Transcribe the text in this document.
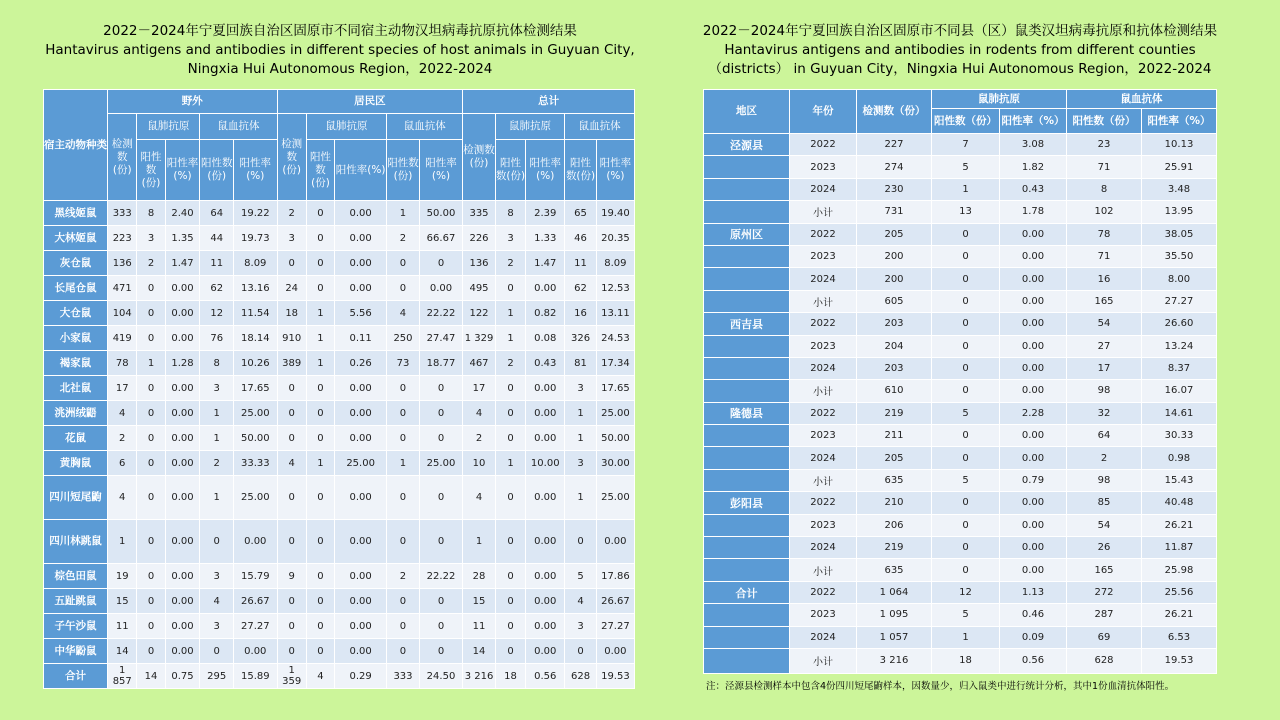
2022－2024年宁夏回族自治区固原市不同宿主动物汉坦病毒抗原抗体检测结果
Hantavirus antigens and antibodies in different species of host animals in Guyuan City,
Ningxia Hui Autonomous Region，2022-2024
2022－2024年宁夏回族自治区固原市不同县（区）鼠类汉坦病毒抗原和抗体检测结果
Hantavirus antigens and antibodies in rodents from different counties
（districts） in Guyuan City，Ningxia Hui Autonomous Region，2022-2024
宿主动物种类	野外					居民区					总计				
	检测数(份)	鼠肺抗原		鼠血抗体		检测数(份)	鼠肺抗原		鼠血抗体		检测数(份)	鼠肺抗原		鼠血抗体	
		阳性数(份)	阳性率(%)	阳性数(份)	阳性率(%)		阳性数(份)	阳性率(%)	阳性数(份)	阳性率(%)		阳性数(份)	阳性率(%)	阳性数(份)	阳性率(%)
黑线姬鼠	333	8	2.40	64	19.22	2	0	0.00	1	50.00	335	8	2.39	65	19.40
大林姬鼠	223	3	1.35	44	19.73	3	0	0.00	2	66.67	226	3	1.33	46	20.35
灰仓鼠	136	2	1.47	11	8.09	0	0	0.00	0	0	136	2	1.47	11	8.09
长尾仓鼠	471	0	0.00	62	13.16	24	0	0.00	0	0.00	495	0	0.00	62	12.53
大仓鼠	104	0	0.00	12	11.54	18	1	5.56	4	22.22	122	1	0.82	16	13.11
小家鼠	419	0	0.00	76	18.14	910	1	0.11	250	27.47	1 329	1	0.08	326	24.53
褐家鼠	78	1	1.28	8	10.26	389	1	0.26	73	18.77	467	2	0.43	81	17.34
北社鼠	17	0	0.00	3	17.65	0	0	0.00	0	0	17	0	0.00	3	17.65
洮洲绒鼯	4	0	0.00	1	25.00	0	0	0.00	0	0	4	0	0.00	1	25.00
花鼠	2	0	0.00	1	50.00	0	0	0.00	0	0	2	0	0.00	1	50.00
黄胸鼠	6	0	0.00	2	33.33	4	1	25.00	1	25.00	10	1	10.00	3	30.00
四川短尾鼩	4	0	0.00	1	25.00	0	0	0.00	0	0	4	0	0.00	1	25.00
四川林跳鼠	1	0	0.00	0	0.00	0	0	0.00	0	0	1	0	0.00	0	0.00
棕色田鼠	19	0	0.00	3	15.79	9	0	0.00	2	22.22	28	0	0.00	5	17.86
五趾跳鼠	15	0	0.00	4	26.67	0	0	0.00	0	0	15	0	0.00	4	26.67
子午沙鼠	11	0	0.00	3	27.27	0	0	0.00	0	0	11	0	0.00	3	27.27
中华鼢鼠	14	0	0.00	0	0.00	0	0	0.00	0	0	14	0	0.00	0	0.00
合计	1 857	14	0.75	295	15.89	1 359	4	0.29	333	24.50	3 216	18	0.56	628	19.53
地区	年份	检测数（份）	鼠肺抗原		鼠血抗体	
			阳性数（份）	阳性率（%）	阳性数（份）	阳性率（%）
泾源县	2022	227	7	3.08	23	10.13
	2023	274	5	1.82	71	25.91
	2024	230	1	0.43	8	3.48
	小计	731	13	1.78	102	13.95
原州区	2022	205	0	0.00	78	38.05
	2023	200	0	0.00	71	35.50
	2024	200	0	0.00	16	8.00
	小计	605	0	0.00	165	27.27
西吉县	2022	203	0	0.00	54	26.60
	2023	204	0	0.00	27	13.24
	2024	203	0	0.00	17	8.37
	小计	610	0	0.00	98	16.07
隆德县	2022	219	5	2.28	32	14.61
	2023	211	0	0.00	64	30.33
	2024	205	0	0.00	2	0.98
	小计	635	5	0.79	98	15.43
彭阳县	2022	210	0	0.00	85	40.48
	2023	206	0	0.00	54	26.21
	2024	219	0	0.00	26	11.87
	小计	635	0	0.00	165	25.98
合计	2022	1 064	12	1.13	272	25.56
	2023	1 095	5	0.46	287	26.21
	2024	1 057	1	0.09	69	6.53
	小计	3 216	18	0.56	628	19.53
注：泾源县检测样本中包含4份四川短尾鼩样本，因数量少，归入鼠类中进行统计分析，其中1份血清抗体阳性。
